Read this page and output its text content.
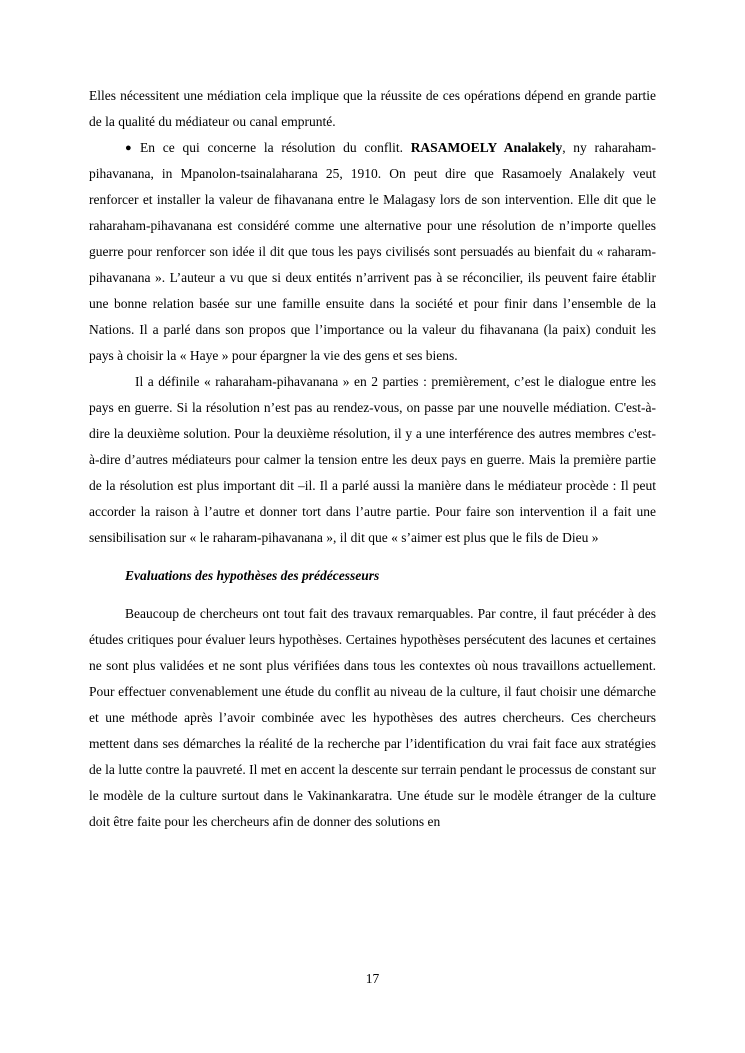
Elles nécessitent une médiation cela implique que la réussite de ces opérations dépend en grande partie de la qualité du médiateur ou canal emprunté.

● En ce qui concerne la résolution du conflit. RASAMOELY Analakely, ny raharaham-pihavanana, in Mpanolon-tsainalaharana 25, 1910. On peut dire que Rasamoely Analakely veut renforcer et installer la valeur de fihavanana entre le Malagasy lors de son intervention. Elle dit que le raharaham-pihavanana est considéré comme une alternative pour une résolution de n’importe quelles guerre pour renforcer son idée il dit que tous les pays civilisés sont persuadés au bienfait du « raharam-pihavanana ». L’auteur a vu que si deux entités n’arrivent pas à se réconcilier, ils peuvent faire établir une bonne relation basée sur une famille ensuite dans la société et pour finir dans l’ensemble de la Nations. Il a parlé dans son propos que l’importance ou la valeur du fihavanana (la paix) conduit les pays à choisir la « Haye » pour épargner la vie des gens et ses biens.

Il a définile « raharaham-pihavanana » en 2 parties : premièrement, c’est le dialogue entre les pays en guerre. Si la résolution n’est pas au rendez-vous, on passe par une nouvelle médiation. C'est-à-dire la deuxième solution. Pour la deuxième résolution, il y a une interférence des autres membres c'est-à-dire d’autres médiateurs pour calmer la tension entre les deux pays en guerre. Mais la première partie de la résolution est plus important dit –il. Il a parlé aussi la manière dans le médiateur procède : Il peut accorder la raison à l’autre et donner tort dans l’autre partie. Pour faire son intervention il a fait une sensibilisation sur « le raharam-pihavanana », il dit que « s’aimer est plus que le fils de Dieu »

Evaluations des hypothèses des prédécesseurs

Beaucoup de chercheurs ont tout fait des travaux remarquables. Par contre, il faut précéder à des études critiques pour évaluer leurs hypothèses. Certaines hypothèses persécutent des lacunes et certaines ne sont plus validées et ne sont plus vérifiées dans tous les contextes où nous travaillons actuellement. Pour effectuer convenablement une étude du conflit au niveau de la culture, il faut choisir une démarche et une méthode après l’avoir combinée avec les hypothèses des autres chercheurs. Ces chercheurs mettent dans ses démarches la réalité de la recherche par l’identification du vrai fait face aux stratégies de la lutte contre la pauvreté. Il met en accent la descente sur terrain pendant le processus de constant sur le modèle de la culture surtout dans le Vakinankaratra. Une étude sur le modèle étranger de la culture doit être faite pour les chercheurs afin de donner des solutions en

17
